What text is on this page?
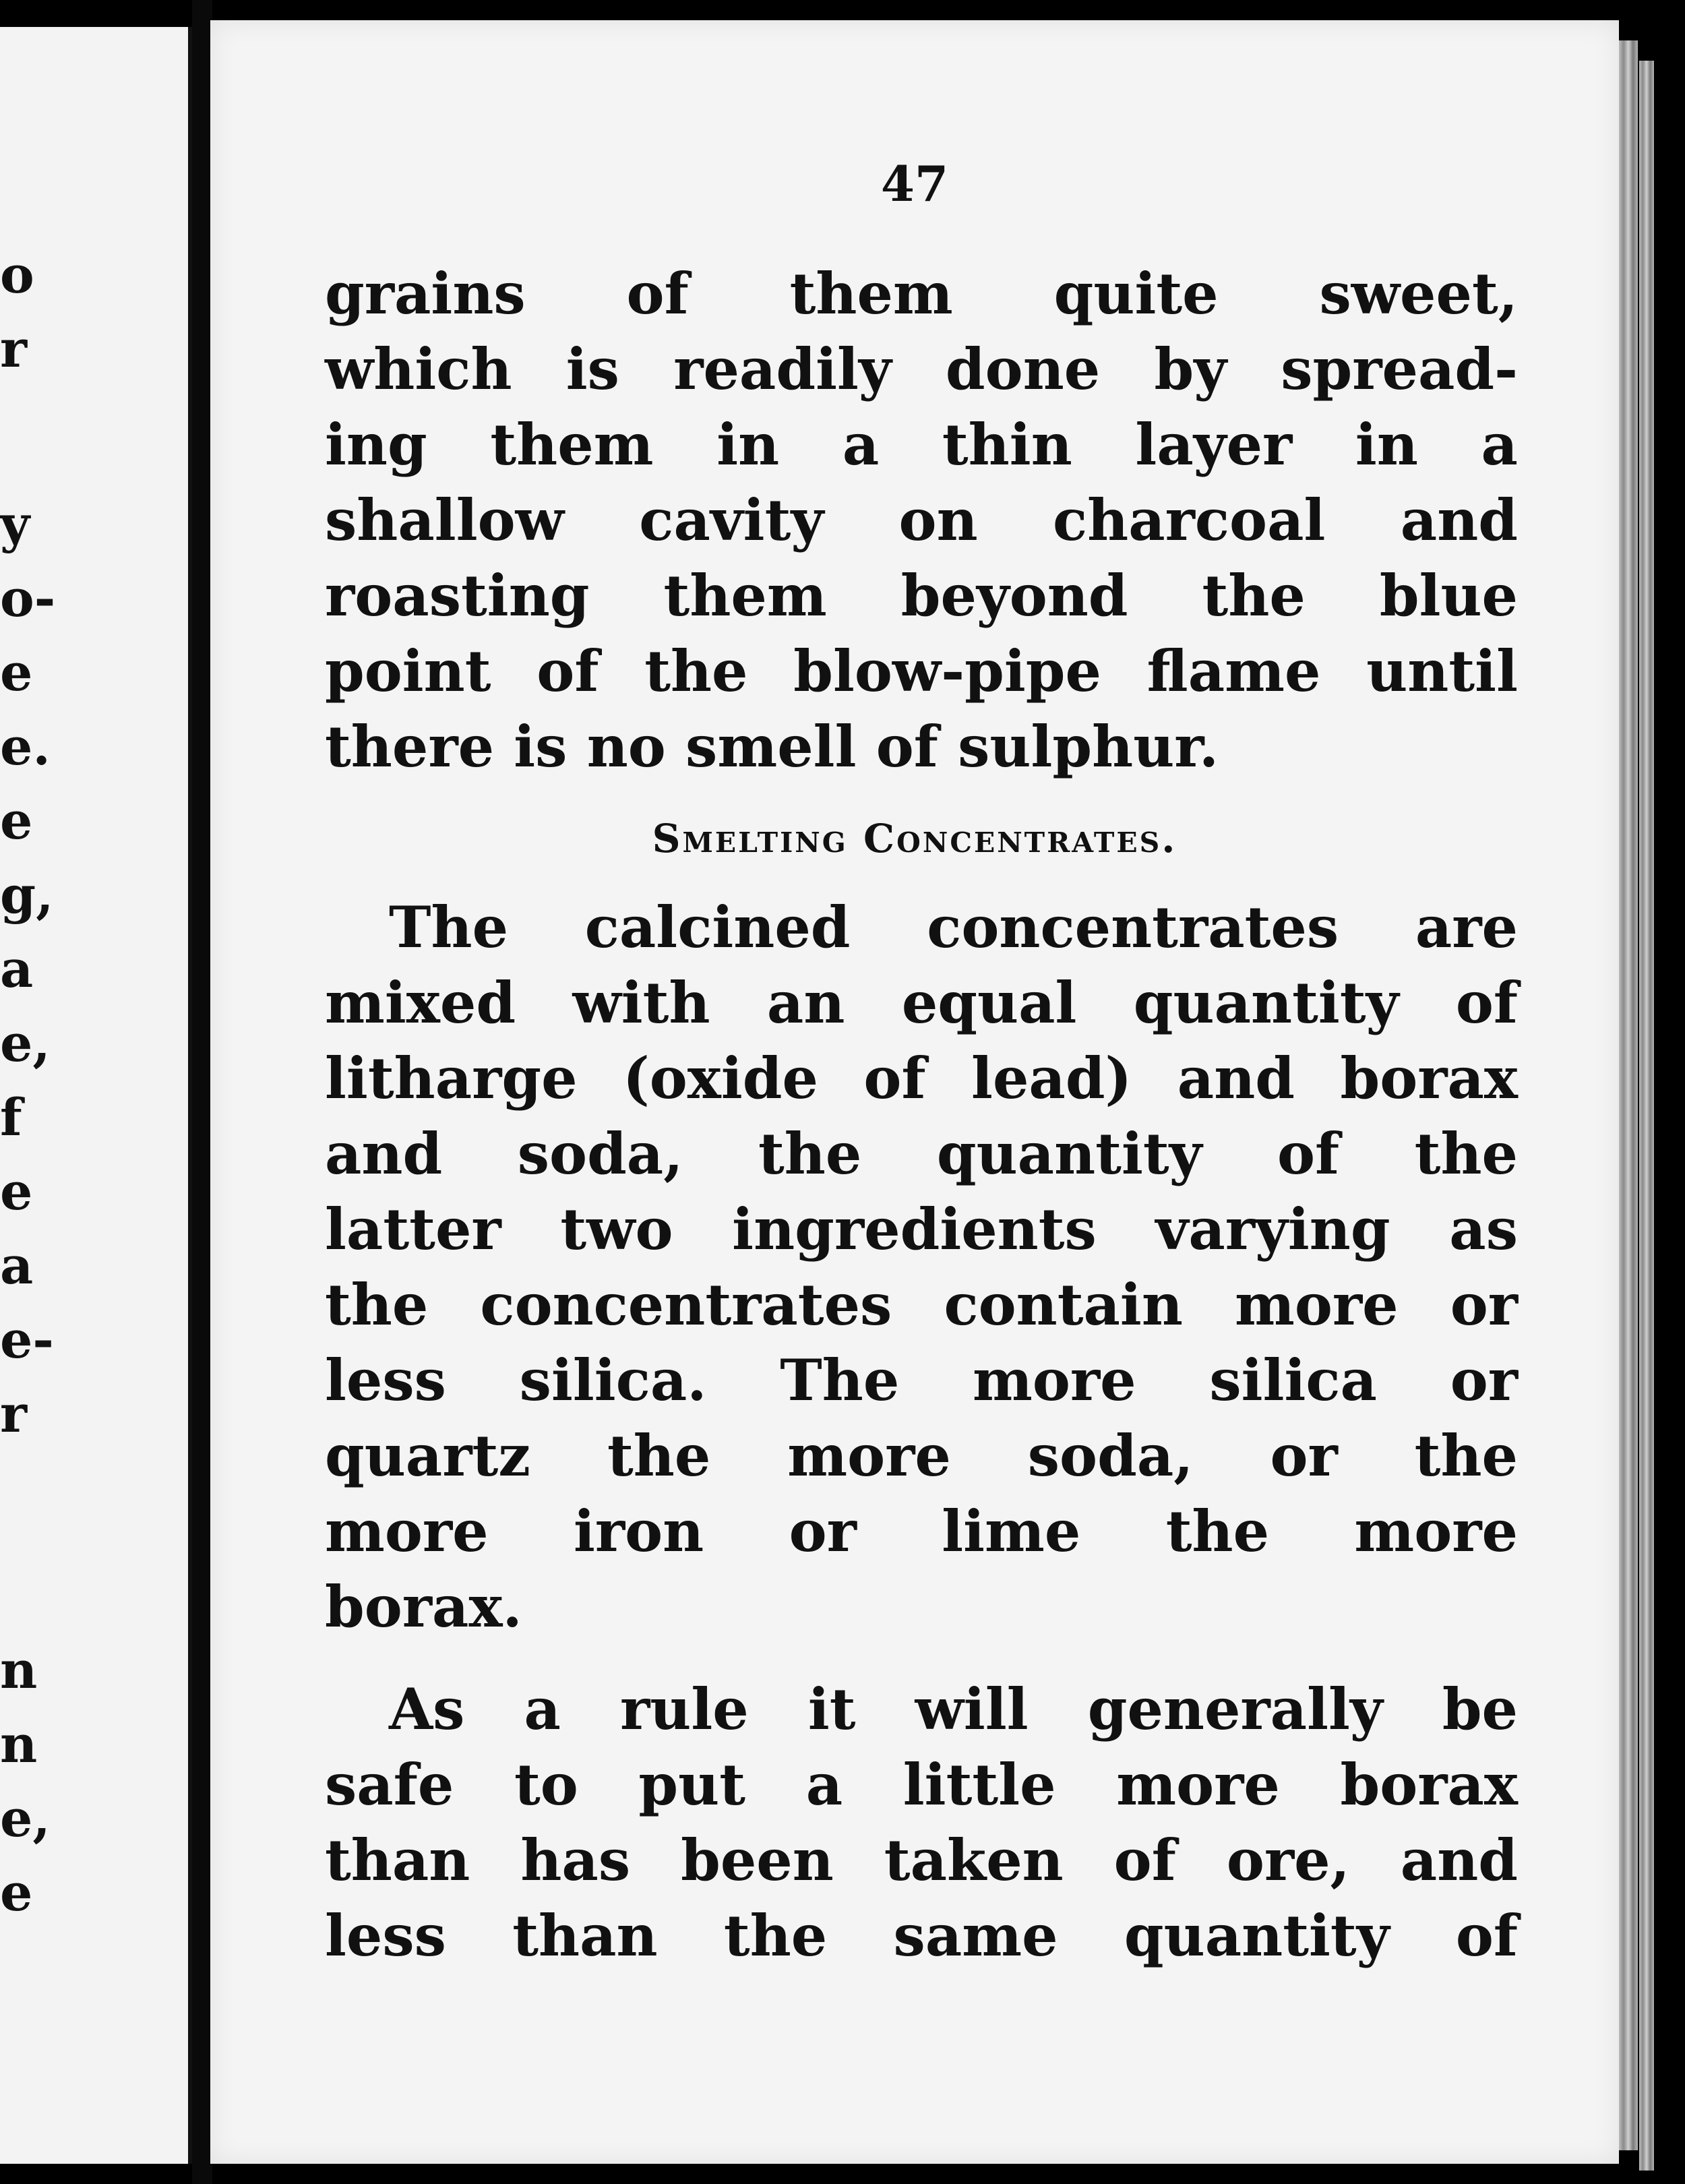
o
r
y
o-
e
e.
e
g,
a
e,
f
e
a
e-
r
n
n
e,
e
47
grains of them quite sweet,
which is readily done by spread-
ing them in a thin layer in a
shallow cavity on charcoal and
roasting them beyond the blue
point of the blow-pipe flame until
there is no smell of sulphur.
Smelting Concentrates.
The calcined concentrates are
mixed with an equal quantity of
litharge (oxide of lead) and borax
and soda, the quantity of the
latter two ingredients varying as
the concentrates contain more or
less silica. The more silica or
quartz the more soda, or the
more iron or lime the more
borax.
As a rule it will generally be
safe to put a little more borax
than has been taken of ore, and
less than the same quantity of
